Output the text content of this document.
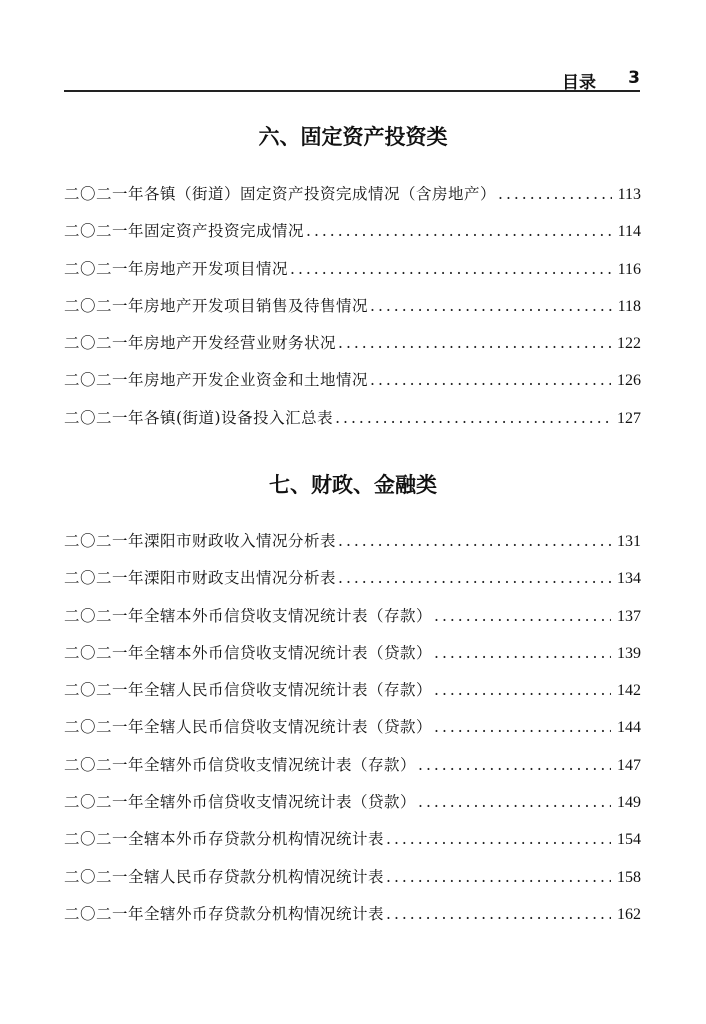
目录 3
六、固定资产投资类
二〇二一年各镇（街道）固定资产投资完成情况（含房地产） .....	113
二〇二一年固定资产投资完成情况 .....	114
二〇二一年房地产开发项目情况 .....	116
二〇二一年房地产开发项目销售及待售情况 .....	118
二〇二一年房地产开发经营业财务状况 .....	122
二〇二一年房地产开发企业资金和土地情况 .....	126
二〇二一年各镇(街道)设备投入汇总表 .....	127
七、财政、金融类
二〇二一年溧阳市财政收入情况分析表 .....	131
二〇二一年溧阳市财政支出情况分析表 .....	134
二〇二一年全辖本外币信贷收支情况统计表（存款） .....	137
二〇二一年全辖本外币信贷收支情况统计表（贷款） .....	139
二〇二一年全辖人民币信贷收支情况统计表（存款） .....	142
二〇二一年全辖人民币信贷收支情况统计表（贷款） .....	144
二〇二一年全辖外币信贷收支情况统计表（存款） .....	147
二〇二一年全辖外币信贷收支情况统计表（贷款） .....	149
二〇二一全辖本外币存贷款分机构情况统计表 .....	154
二〇二一全辖人民币存贷款分机构情况统计表 .....	158
二〇二一年全辖外币存贷款分机构情况统计表 .....	162
